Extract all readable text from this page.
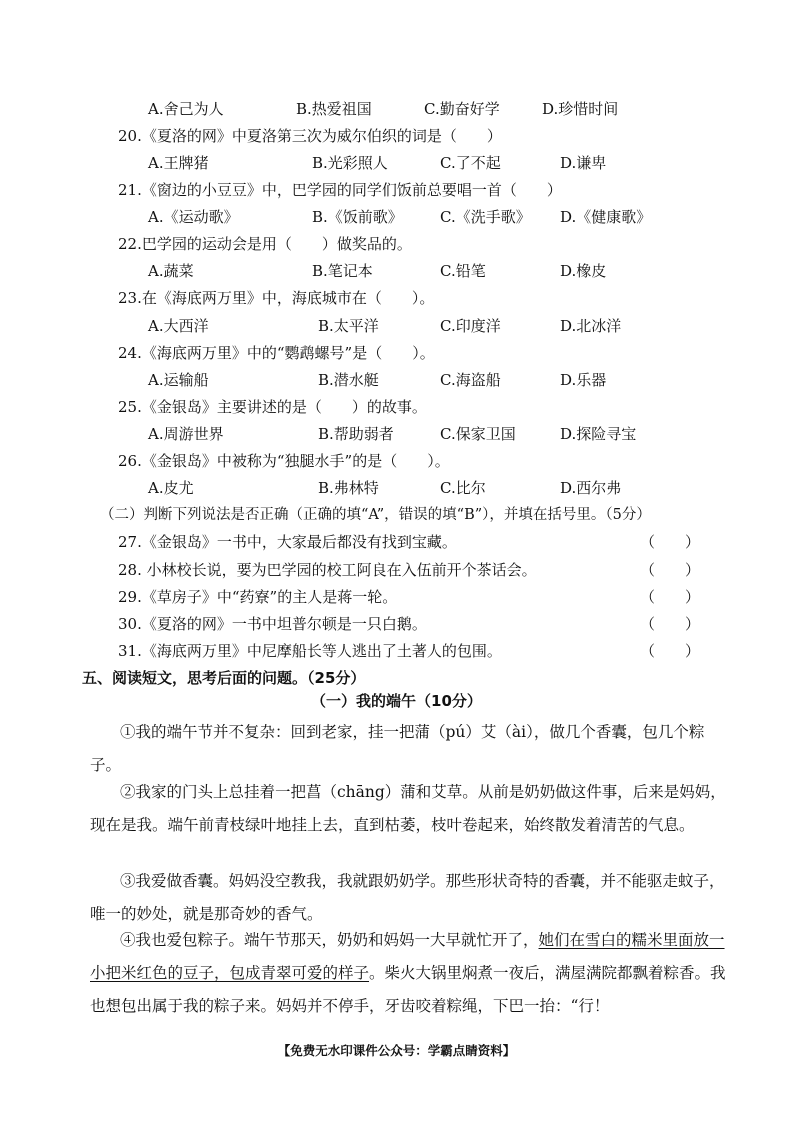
A.舍己为人	B.热爱祖国	C.勤奋好学	D.珍惜时间
20.《夏洛的网》中夏洛第三次为威尔伯织的词是（　　）
A.王牌猪	B.光彩照人	C.了不起	D.谦卑
21.《窗边的小豆豆》中，巴学园的同学们饭前总要唱一首（　　）
A.《运动歌》	B.《饭前歌》 C.《洗手歌》 D.《健康歌》
22.巴学园的运动会是用（　　）做奖品的。
A.蔬菜	B.笔记本	C.铅笔	D.橡皮
23.在《海底两万里》中，海底城市在（　　）。
A.大西洋	B.太平洋	C.印度洋	D.北冰洋
24.《海底两万里》中的“鹦鹉螺号”是（　　）。
A.运输船	B.潜水艇	C.海盗船	D.乐器
25.《金银岛》主要讲述的是（　　）的故事。
A.周游世界	B.帮助弱者	C.保家卫国	D.探险寻宝
26.《金银岛》中被称为“独腿水手”的是（　　）。
A.皮尤	B.弗林特	C.比尔	D.西尔弗
（二）判断下列说法是否正确（正确的填“A”，错误的填“B”），并填在括号里。（5分）
27.《金银岛》一书中，大家最后都没有找到宝藏。	（　　）
28. 小林校长说，要为巴学园的校工阿良在入伍前开个茶话会。	（　　）
29.《草房子》中“药寮”的主人是蒋一轮。	（　　）
30.《夏洛的网》一书中坦普尔顿是一只白鹅。	（　　）
31.《海底两万里》中尼摩船长等人逃出了土著人的包围。	（　　）
五、阅读短文，思考后面的问题。（25分）
（一）我的端午（10分）
①我的端午节并不复杂：回到老家，挂一把蒲（pú）艾（ài），做几个香囊，包几个粽子。
②我家的门头上总挂着一把菖（chāng）蒲和艾草。从前是奶奶做这件事，后来是妈妈，现在是我。端午前青枝绿叶地挂上去，直到枯萎，枝叶卷起来，始终散发着清苦的气息。
③我爱做香囊。妈妈没空教我，我就跟奶奶学。那些形状奇特的香囊，并不能驱走蚊子，唯一的妙处，就是那奇妙的香气。
④我也爱包粽子。端午节那天，奶奶和妈妈一大早就忙开了，她们在雪白的糯米里面放一小把米红色的豆子，包成青翠可爱的样子。柴火大锅里焖煮一夜后，满屋满院都飘着粽香。我也想包出属于我的粽子来。妈妈并不停手，牙齿咬着粽绳，下巴一抬：“行！
【免费无水印课件公众号：学霸点睛资料】
